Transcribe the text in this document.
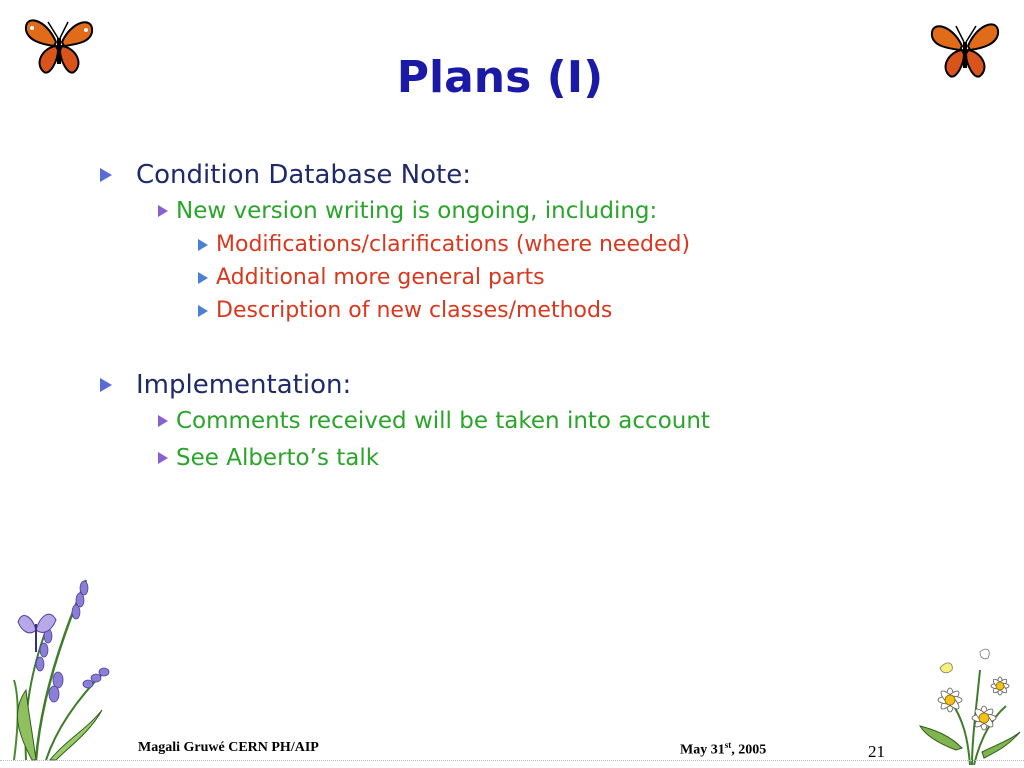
Plans (I)
Condition Database Note:
New version writing is ongoing, including:
Modifications/clarifications (where needed)
Additional more general parts
Description of new classes/methods
Implementation:
Comments received will be taken into account
See Alberto’s talk
Magali Gruwé CERN PH/AIP	May 31st, 2005	21
